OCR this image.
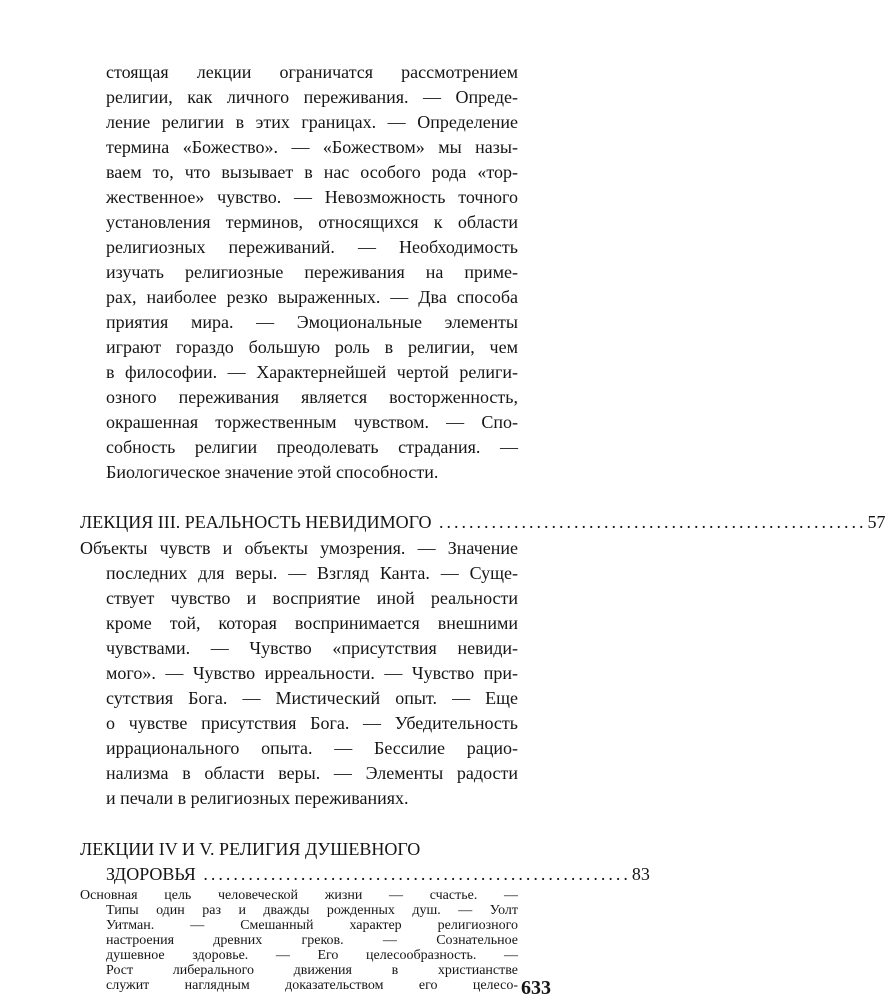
стоящая лекции ограничатся рассмотрением
религии, как личного переживания. — Опреде-
ление религии в этих границах. — Определение
термина «Божество». — «Божеством» мы назы-
ваем то, что вызывает в нас особого рода «тор-
жественное» чувство. — Невозможность точного
установления терминов, относящихся к области
религиозных переживаний. — Необходимость
изучать религиозные переживания на приме-
рах, наиболее резко выраженных. — Два способа
приятия мира. — Эмоциональные элементы
играют гораздо большую роль в религии, чем
в философии. — Характернейшей чертой религи-
озного переживания является восторженность,
окрашенная торжественным чувством. — Спо-
собность религии преодолевать страдания. —
Биологическое значение этой способности.
ЛЕКЦИЯ III. РЕАЛЬНОСТЬ НЕВИДИМОГО ......................................................... 57
Объекты чувств и объекты умозрения. — Значение
последних для веры. — Взгляд Канта. — Суще-
ствует чувство и восприятие иной реальности
кроме той, которая воспринимается внешними
чувствами. — Чувство «присутствия невиди-
мого». — Чувство ирреальности. — Чувство при-
сутствия Бога. — Мистический опыт. — Еще
о чувстве присутствия Бога. — Убедительность
иррационального опыта. — Бессилие рацио-
нализма в области веры. — Элементы радости
и печали в религиозных переживаниях.
ЛЕКЦИИ IV И V. РЕЛИГИЯ ДУШЕВНОГО
ЗДОРОВЬЯ ......................................................... 83
Основная цель человеческой жизни — счастье. —
Типы один раз и дважды рожденных душ. — Уолт
Уитман. — Смешанный характер религиозного
настроения древних греков. — Сознательное
душевное здоровье. — Его целесообразность. —
Рост либерального движения в христианстве
служит наглядным доказательством его целесо- 633
